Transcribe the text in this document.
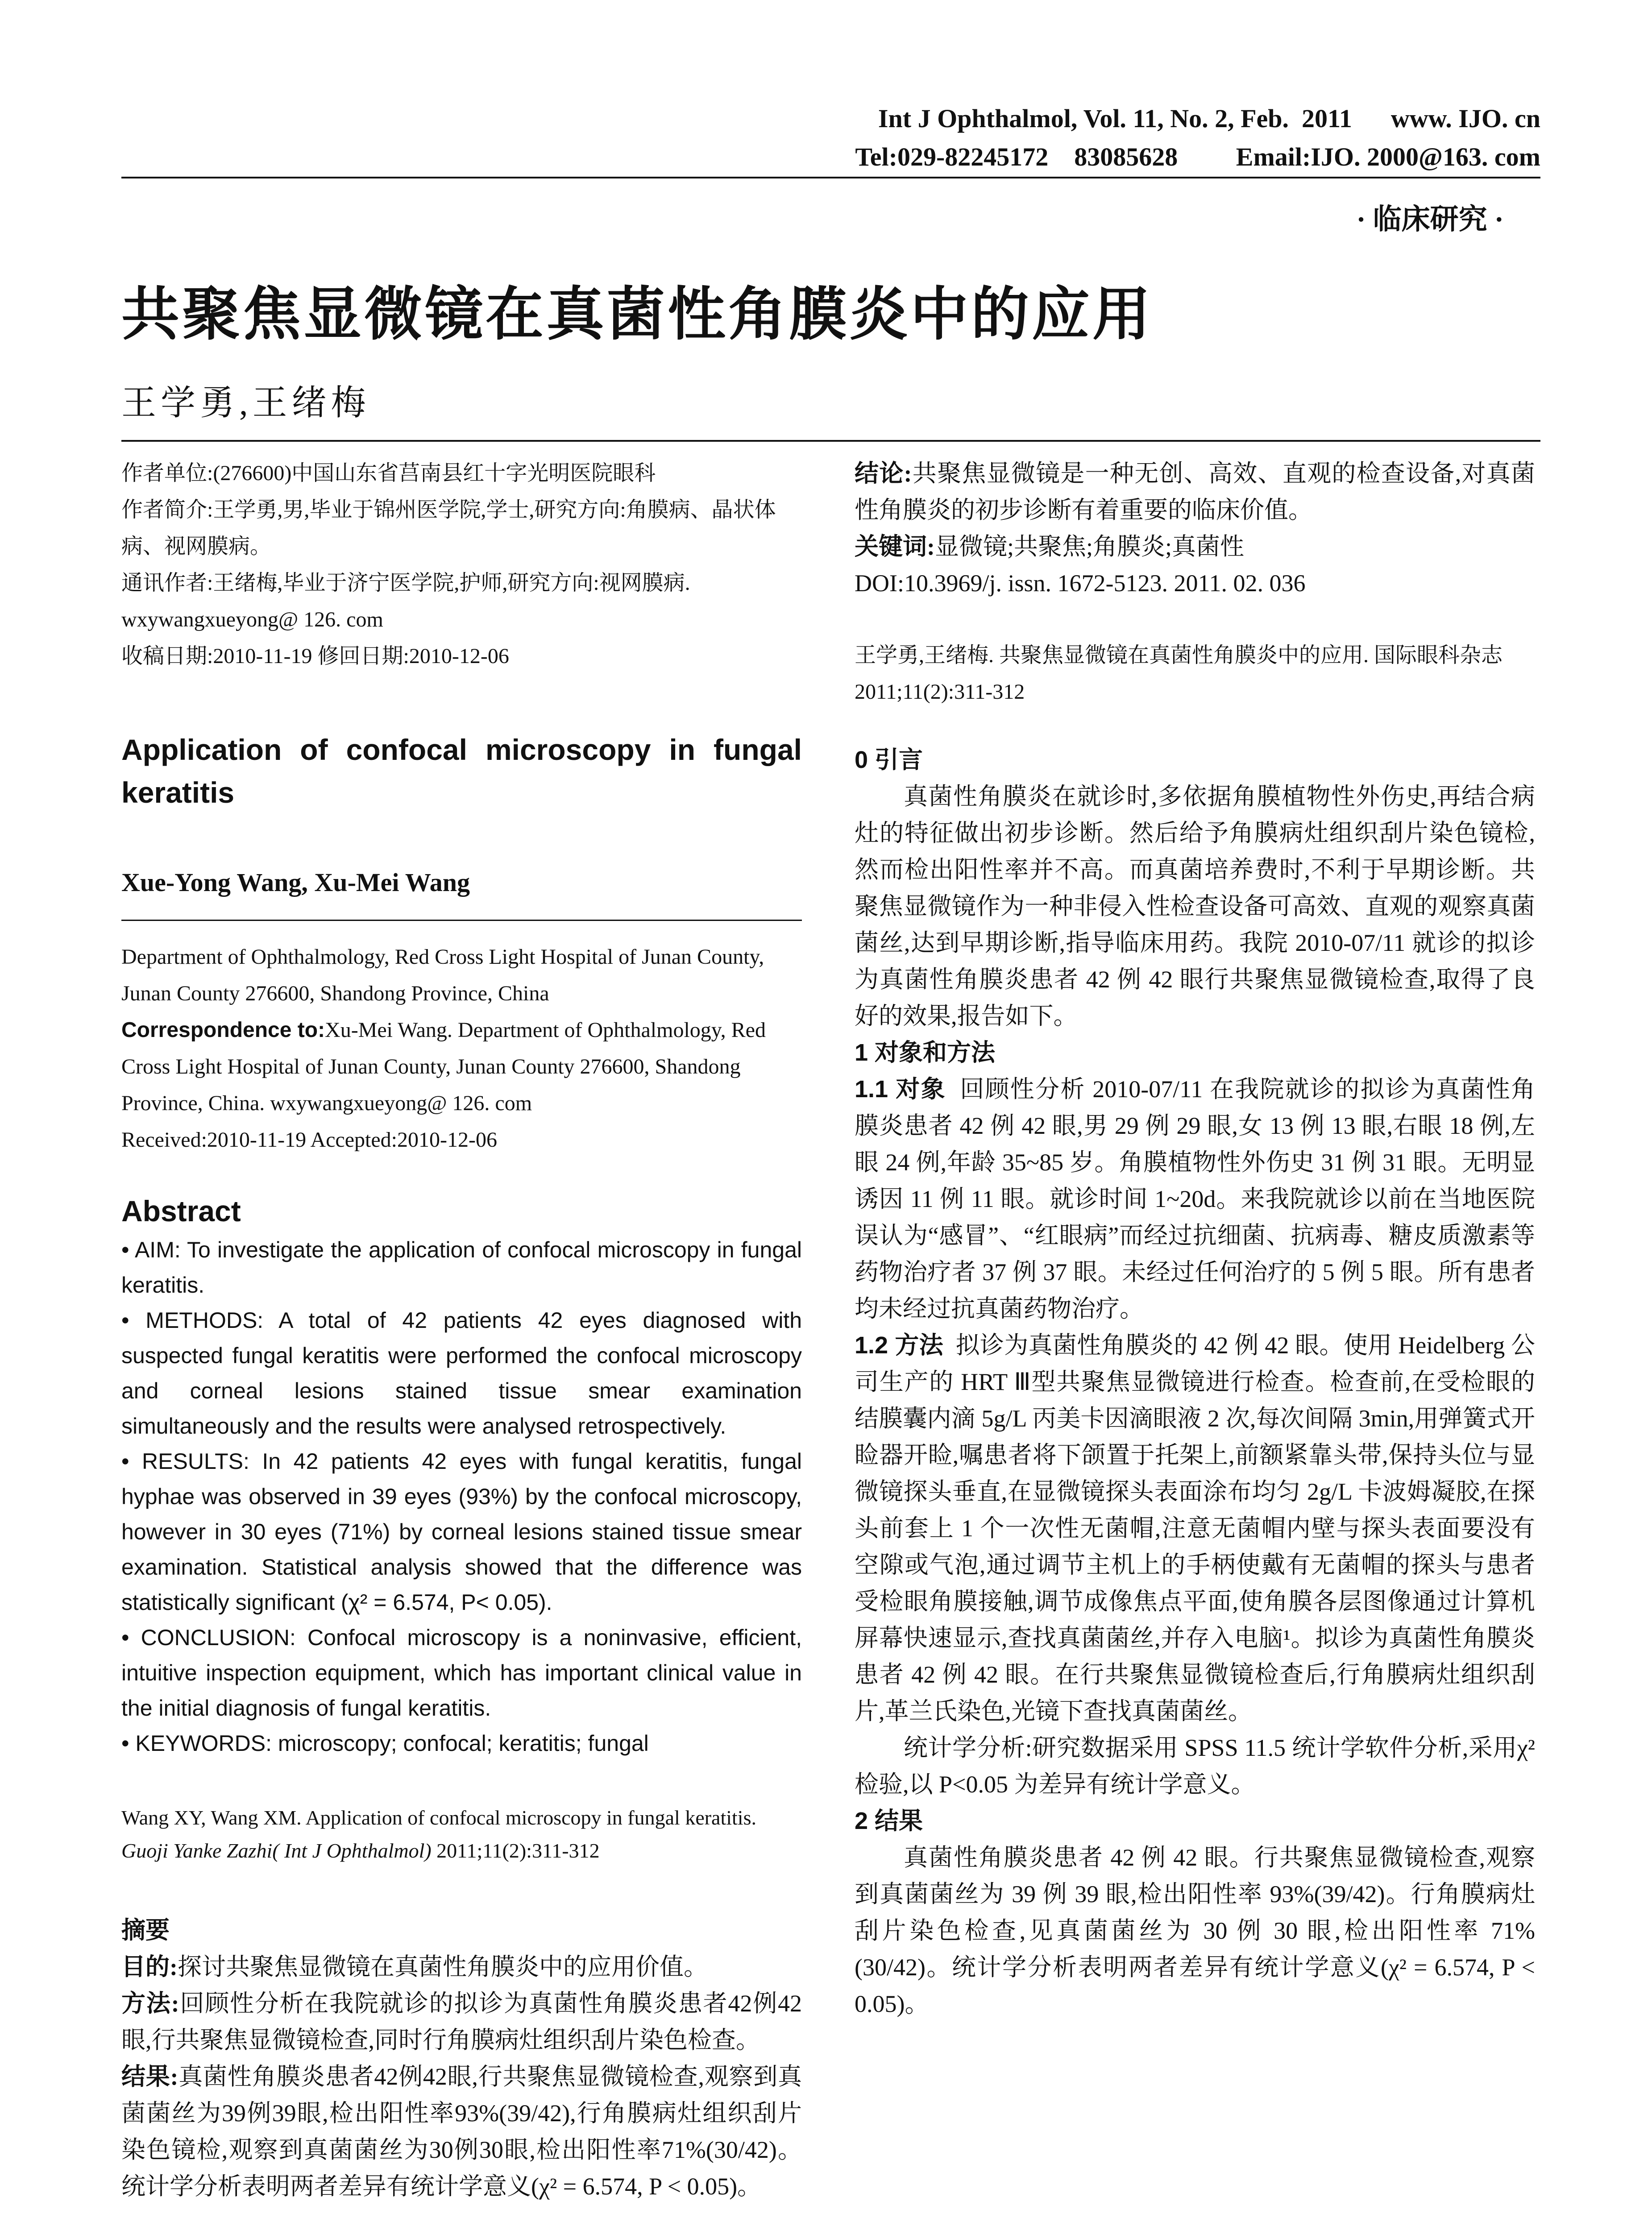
Int J Ophthalmol, Vol. 11, No. 2, Feb.  2011      www. IJO. cn
Tel:029-82245172    83085628         Email:IJO. 2000@163. com
· 临床研究 ·
共聚焦显微镜在真菌性角膜炎中的应用
王学勇,王绪梅

作者单位:(276600)中国山东省莒南县红十字光明医院眼科

作者简介:王学勇,男,毕业于锦州医学院,学士,研究方向:角膜病、晶状体病、视网膜病。

通讯作者:王绪梅,毕业于济宁医学院,护师,研究方向:视网膜病. wxywangxueyong@ 126. com

收稿日期:2010-11-19 修回日期:2010-12-06

Application of confocal microscopy in fungal keratitis

Xue-Yong Wang, Xu-Mei Wang

Department of Ophthalmology, Red Cross Light Hospital of Junan County, Junan County 276600, Shandong Province, China

Correspondence to:Xu-Mei Wang. Department of Ophthalmology, Red Cross Light Hospital of Junan County, Junan County 276600, Shandong Province, China. wxywangxueyong@ 126. com

Received:2010-11-19 Accepted:2010-12-06

Abstract

• AIM: To investigate the application of confocal microscopy in fungal keratitis.

• METHODS: A total of 42 patients 42 eyes diagnosed with suspected fungal keratitis were performed the confocal microscopy and corneal lesions stained tissue smear examination simultaneously and the results were analysed retrospectively.

• RESULTS: In 42 patients 42 eyes with fungal keratitis, fungal hyphae was observed in 39 eyes (93%) by the confocal microscopy, however in 30 eyes (71%) by corneal lesions stained tissue smear examination. Statistical analysis showed that the difference was statistically significant (χ² = 6.574, P< 0.05).

• CONCLUSION: Confocal microscopy is a noninvasive, efficient, intuitive inspection equipment, which has important clinical value in the initial diagnosis of fungal keratitis.

• KEYWORDS: microscopy; confocal; keratitis; fungal

Wang XY, Wang XM. Application of confocal microscopy in fungal keratitis. Guoji Yanke Zazhi( Int J Ophthalmol) 2011;11(2):311-312

摘要

目的:探讨共聚焦显微镜在真菌性角膜炎中的应用价值。

方法:回顾性分析在我院就诊的拟诊为真菌性角膜炎患者42例42眼,行共聚焦显微镜检查,同时行角膜病灶组织刮片染色检查。

结果:真菌性角膜炎患者42例42眼,行共聚焦显微镜检查,观察到真菌菌丝为39例39眼,检出阳性率93%(39/42),行角膜病灶组织刮片染色镜检,观察到真菌菌丝为30例30眼,检出阳性率71%(30/42)。统计学分析表明两者差异有统计学意义(χ² = 6.574, P < 0.05)。

结论:共聚焦显微镜是一种无创、高效、直观的检查设备,对真菌性角膜炎的初步诊断有着重要的临床价值。

关键词:显微镜;共聚焦;角膜炎;真菌性

DOI:10.3969/j. issn. 1672-5123. 2011. 02. 036

王学勇,王绪梅. 共聚焦显微镜在真菌性角膜炎中的应用. 国际眼科杂志 2011;11(2):311-312

0 引言

真菌性角膜炎在就诊时,多依据角膜植物性外伤史,再结合病灶的特征做出初步诊断。然后给予角膜病灶组织刮片染色镜检,然而检出阳性率并不高。而真菌培养费时,不利于早期诊断。共聚焦显微镜作为一种非侵入性检查设备可高效、直观的观察真菌菌丝,达到早期诊断,指导临床用药。我院 2010-07/11 就诊的拟诊为真菌性角膜炎患者 42 例 42 眼行共聚焦显微镜检查,取得了良好的效果,报告如下。

1 对象和方法

1.1 对象 回顾性分析 2010-07/11 在我院就诊的拟诊为真菌性角膜炎患者 42 例 42 眼,男 29 例 29 眼,女 13 例 13 眼,右眼 18 例,左眼 24 例,年龄 35~85 岁。角膜植物性外伤史 31 例 31 眼。无明显诱因 11 例 11 眼。就诊时间 1~20d。来我院就诊以前在当地医院误认为“感冒”、“红眼病”而经过抗细菌、抗病毒、糖皮质激素等药物治疗者 37 例 37 眼。未经过任何治疗的 5 例 5 眼。所有患者均未经过抗真菌药物治疗。

1.2 方法 拟诊为真菌性角膜炎的 42 例 42 眼。使用 Heidelberg 公司生产的 HRT Ⅲ型共聚焦显微镜进行检查。检查前,在受检眼的结膜囊内滴 5g/L 丙美卡因滴眼液 2 次,每次间隔 3min,用弹簧式开睑器开睑,嘱患者将下颌置于托架上,前额紧靠头带,保持头位与显微镜探头垂直,在显微镜探头表面涂布均匀 2g/L 卡波姆凝胶,在探头前套上 1 个一次性无菌帽,注意无菌帽内壁与探头表面要没有空隙或气泡,通过调节主机上的手柄使戴有无菌帽的探头与患者受检眼角膜接触,调节成像焦点平面,使角膜各层图像通过计算机屏幕快速显示,查找真菌菌丝,并存入电脑¹。拟诊为真菌性角膜炎患者 42 例 42 眼。在行共聚焦显微镜检查后,行角膜病灶组织刮片,革兰氏染色,光镜下查找真菌菌丝。

统计学分析:研究数据采用 SPSS 11.5 统计学软件分析,采用χ²检验,以 P<0.05 为差异有统计学意义。

2 结果

真菌性角膜炎患者 42 例 42 眼。行共聚焦显微镜检查,观察到真菌菌丝为 39 例 39 眼,检出阳性率 93%(39/42)。行角膜病灶刮片染色检查,见真菌菌丝为 30 例 30 眼,检出阳性率 71%(30/42)。统计学分析表明两者差异有统计学意义(χ² = 6.574, P < 0.05)。
